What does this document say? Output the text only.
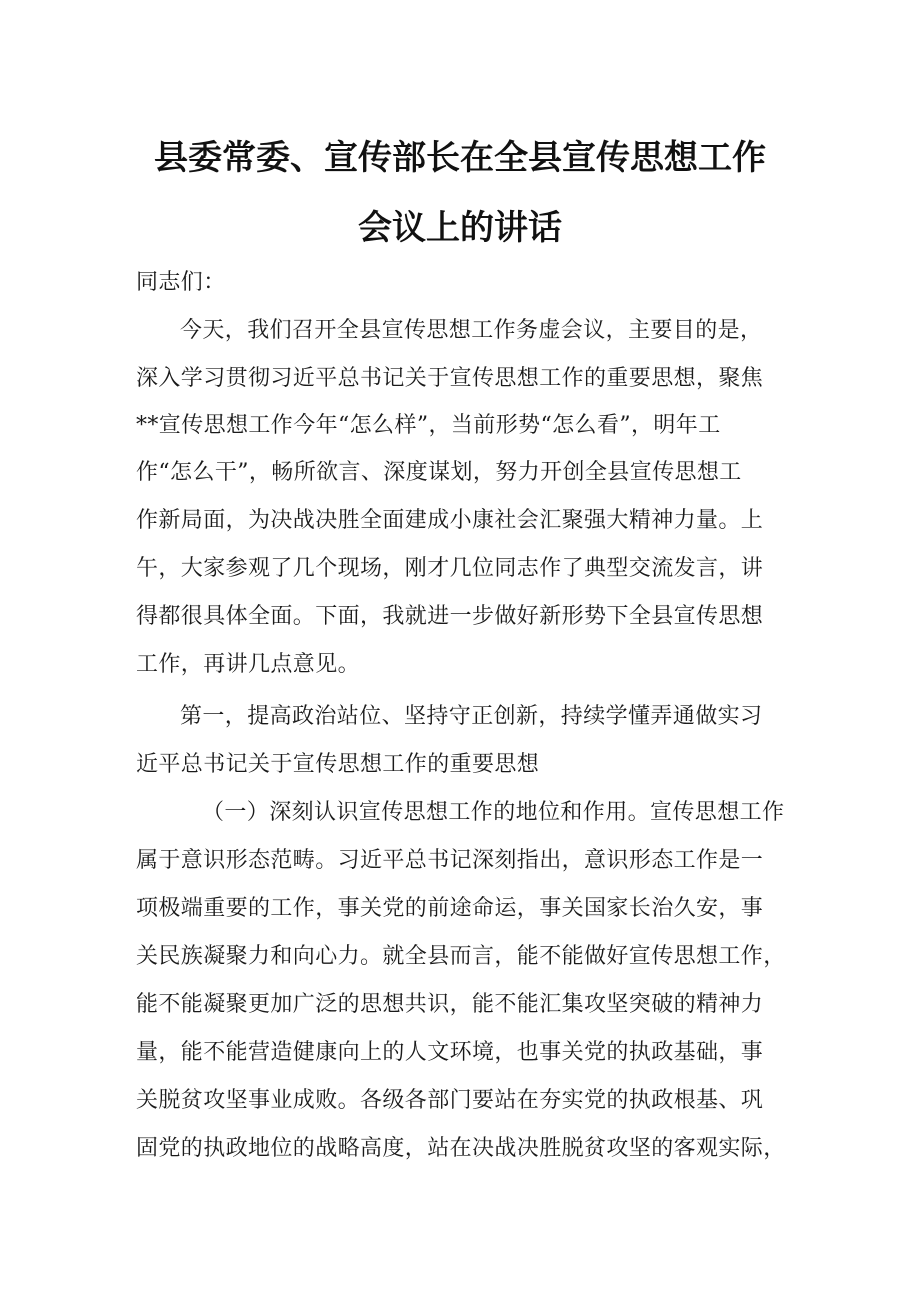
县委常委、宣传部长在全县宣传思想工作
会议上的讲话
同志们：
今天，我们召开全县宣传思想工作务虚会议，主要目的是，
深入学习贯彻习近平总书记关于宣传思想工作的重要思想，聚焦
**宣传思想工作今年“怎么样”，当前形势“怎么看”，明年工
作“怎么干”，畅所欲言、深度谋划，努力开创全县宣传思想工
作新局面，为决战决胜全面建成小康社会汇聚强大精神力量。上
午，大家参观了几个现场，刚才几位同志作了典型交流发言，讲
得都很具体全面。下面，我就进一步做好新形势下全县宣传思想
工作，再讲几点意见。
第一，提高政治站位、坚持守正创新，持续学懂弄通做实习
近平总书记关于宣传思想工作的重要思想
（一）深刻认识宣传思想工作的地位和作用。宣传思想工作
属于意识形态范畴。习近平总书记深刻指出，意识形态工作是一
项极端重要的工作，事关党的前途命运，事关国家长治久安，事
关民族凝聚力和向心力。就全县而言，能不能做好宣传思想工作，
能不能凝聚更加广泛的思想共识，能不能汇集攻坚突破的精神力
量，能不能营造健康向上的人文环境，也事关党的执政基础，事
关脱贫攻坚事业成败。各级各部门要站在夯实党的执政根基、巩
固党的执政地位的战略高度，站在决战决胜脱贫攻坚的客观实际，
